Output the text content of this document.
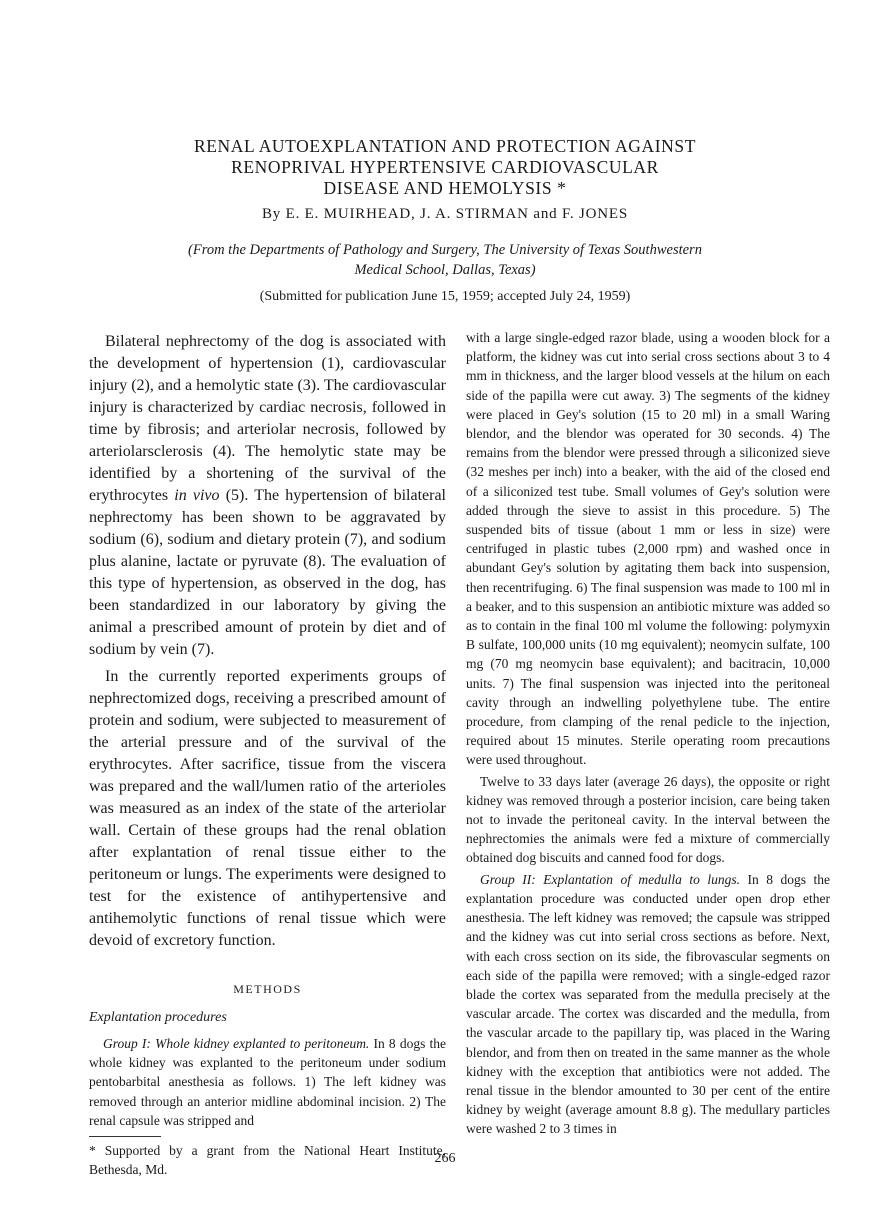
RENAL AUTOEXPLANTATION AND PROTECTION AGAINST
RENOPRIVAL HYPERTENSIVE CARDIOVASCULAR
DISEASE AND HEMOLYSIS *
By E. E. MUIRHEAD, J. A. STIRMAN and F. JONES
(From the Departments of Pathology and Surgery, The University of Texas Southwestern
Medical School, Dallas, Texas)
(Submitted for publication June 15, 1959; accepted July 24, 1959)

Bilateral nephrectomy of the dog is associated with the development of hypertension (1), cardiovascular injury (2), and a hemolytic state (3). The cardiovascular injury is characterized by cardiac necrosis, followed in time by fibrosis; and arteriolar necrosis, followed by arteriolarsclerosis (4). The hemolytic state may be identified by a shortening of the survival of the erythrocytes in vivo (5). The hypertension of bilateral nephrectomy has been shown to be aggravated by sodium (6), sodium and dietary protein (7), and sodium plus alanine, lactate or pyruvate (8). The evaluation of this type of hypertension, as observed in the dog, has been standardized in our laboratory by giving the animal a prescribed amount of protein by diet and of sodium by vein (7).

In the currently reported experiments groups of nephrectomized dogs, receiving a prescribed amount of protein and sodium, were subjected to measurement of the arterial pressure and of the survival of the erythrocytes. After sacrifice, tissue from the viscera was prepared and the wall/lumen ratio of the arterioles was measured as an index of the state of the arteriolar wall. Certain of these groups had the renal oblation after explantation of renal tissue either to the peritoneum or lungs. The experiments were designed to test for the existence of antihypertensive and antihemolytic functions of renal tissue which were devoid of excretory function.

METHODS
Explantation procedures

Group I: Whole kidney explanted to peritoneum. In 8 dogs the whole kidney was explanted to the peritoneum under sodium pentobarbital anesthesia as follows. 1) The left kidney was removed through an anterior midline abdominal incision. 2) The renal capsule was stripped and

* Supported by a grant from the National Heart Institute, Bethesda, Md.

with a large single-edged razor blade, using a wooden block for a platform, the kidney was cut into serial cross sections about 3 to 4 mm in thickness, and the larger blood vessels at the hilum on each side of the papilla were cut away. 3) The segments of the kidney were placed in Gey's solution (15 to 20 ml) in a small Waring blendor, and the blendor was operated for 30 seconds. 4) The remains from the blendor were pressed through a siliconized sieve (32 meshes per inch) into a beaker, with the aid of the closed end of a siliconized test tube. Small volumes of Gey's solution were added through the sieve to assist in this procedure. 5) The suspended bits of tissue (about 1 mm or less in size) were centrifuged in plastic tubes (2,000 rpm) and washed once in abundant Gey's solution by agitating them back into suspension, then recentrifuging. 6) The final suspension was made to 100 ml in a beaker, and to this suspension an antibiotic mixture was added so as to contain in the final 100 ml volume the following: polymyxin B sulfate, 100,000 units (10 mg equivalent); neomycin sulfate, 100 mg (70 mg neomycin base equivalent); and bacitracin, 10,000 units. 7) The final suspension was injected into the peritoneal cavity through an indwelling polyethylene tube. The entire procedure, from clamping of the renal pedicle to the injection, required about 15 minutes. Sterile operating room precautions were used throughout.

Twelve to 33 days later (average 26 days), the opposite or right kidney was removed through a posterior incision, care being taken not to invade the peritoneal cavity. In the interval between the nephrectomies the animals were fed a mixture of commercially obtained dog biscuits and canned food for dogs.

Group II: Explantation of medulla to lungs. In 8 dogs the explantation procedure was conducted under open drop ether anesthesia. The left kidney was removed; the capsule was stripped and the kidney was cut into serial cross sections as before. Next, with each cross section on its side, the fibrovascular segments on each side of the papilla were removed; with a single-edged razor blade the cortex was separated from the medulla precisely at the vascular arcade. The cortex was discarded and the medulla, from the vascular arcade to the papillary tip, was placed in the Waring blendor, and from then on treated in the same manner as the whole kidney with the exception that antibiotics were not added. The renal tissue in the blendor amounted to 30 per cent of the entire kidney by weight (average amount 8.8 g). The medullary particles were washed 2 to 3 times in

266
